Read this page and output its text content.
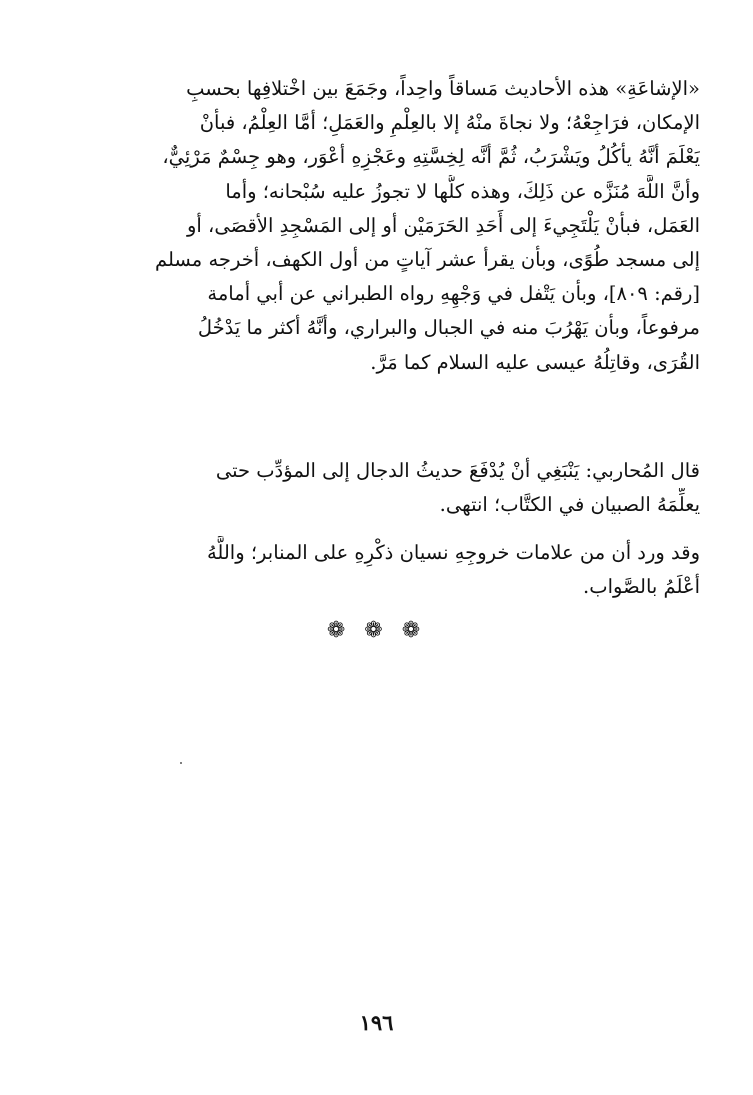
«الإشاعَةِ» هذه الأحاديث مَساقاً واحِداً، وجَمَعَ بين اخْتلافِها بحسبِ
الإمكان، فرَاجِعْهُ؛ ولا نجاةَ منْهُ إلا بالعِلْمِ والعَمَلِ؛ أمَّا العِلْمُ، فبأنْ
يَعْلَمَ أنَّهُ يأكُلُ ويَشْرَبُ، ثُمَّ أنَّه لِخِسَّتِهِ وعَجْزِهِ أعْوَر، وهو جِسْمٌ مَرْئِيٌّ،
وأنَّ اللَّهَ مُنَزَّه عن ذَلِكَ، وهذه كلُّها لا تجوزُ عليه سُبْحانه؛ وأما
العَمَل، فبأنْ يَلْتَجِيءَ إلى أَحَدِ الحَرَمَيْن أو إلى المَسْجِدِ الأقصَى، أو
إلى مسجد طُوًى، وبأن يقرأ عشر آياتٍ من أول الكهف، أخرجه مسلم
[رقم: ٨٠٩]، وبأن يَتْفل في وَجْهِهِ رواه الطبراني عن أبي أمامة
مرفوعاً، وبأن يَهْرُبَ منه في الجبال والبراري، وأنَّهُ أكثر ما يَدْخُلُ
القُرَى، وقاتِلُهُ عيسى عليه السلام كما مَرَّ.
قال المُحاربي: يَنْبَغِي أنْ يُدْفَعَ حديثُ الدجال إلى المؤدِّب حتى
يعلِّمَهُ الصبيان في الكتَّاب؛ انتهى.
وقد ورد أن من علامات خروجِهِ نسيان ذكْرِهِ على المنابر؛ واللَّهُ
أعْلَمُ بالصَّواب.
❁ ❁ ❁
١٩٦
